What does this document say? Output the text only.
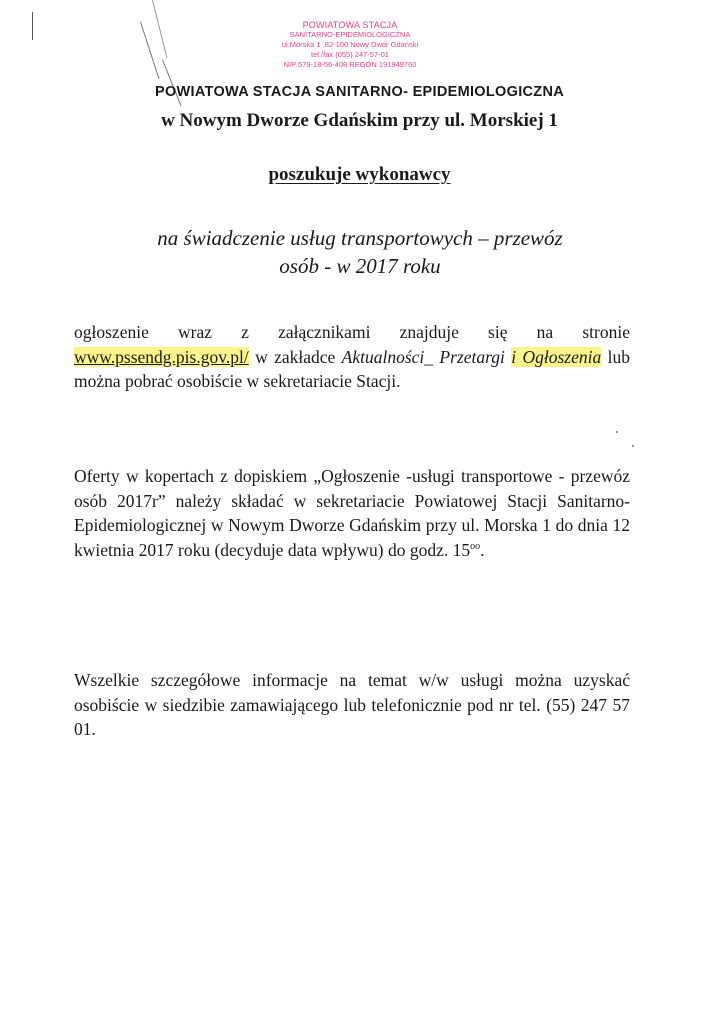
POWIATOWA STACJA
SANITARNO-EPIDEMIOLOGICZNA
ul.Morska 1 ,82-100 Nowy Dwór Gdański
tel./fax (055) 247-57-01
NIP 579-18-56-408 REGON 191949760
POWIATOWA STACJA SANITARNO- EPIDEMIOLOGICZNA
w Nowym Dworze Gdańskim przy ul. Morskiej 1
poszukuje wykonawcy
na świadczenie usług transportowych – przewóz
osób - w 2017 roku
ogłoszenie wraz z załącznikami znajduje się na stronie www.pssendg.pis.gov.pl/ w zakładce Aktualności_ Przetargi i Ogłoszenia lub można pobrać osobiście w sekretariacie Stacji.
Oferty w kopertach z dopiskiem „Ogłoszenie -usługi transportowe - przewóz osób 2017r” należy składać w sekretariacie Powiatowej Stacji Sanitarno-Epidemiologicznej w Nowym Dworze Gdańskim przy ul. Morska 1 do dnia 12 kwietnia 2017 roku (decyduje data wpływu) do godz. $15^{oo}$.
Wszelkie szczegółowe informacje na temat w/w usługi można uzyskać osobiście w siedzibie zamawiającego lub telefonicznie pod nr tel. (55) 247 57 01.
